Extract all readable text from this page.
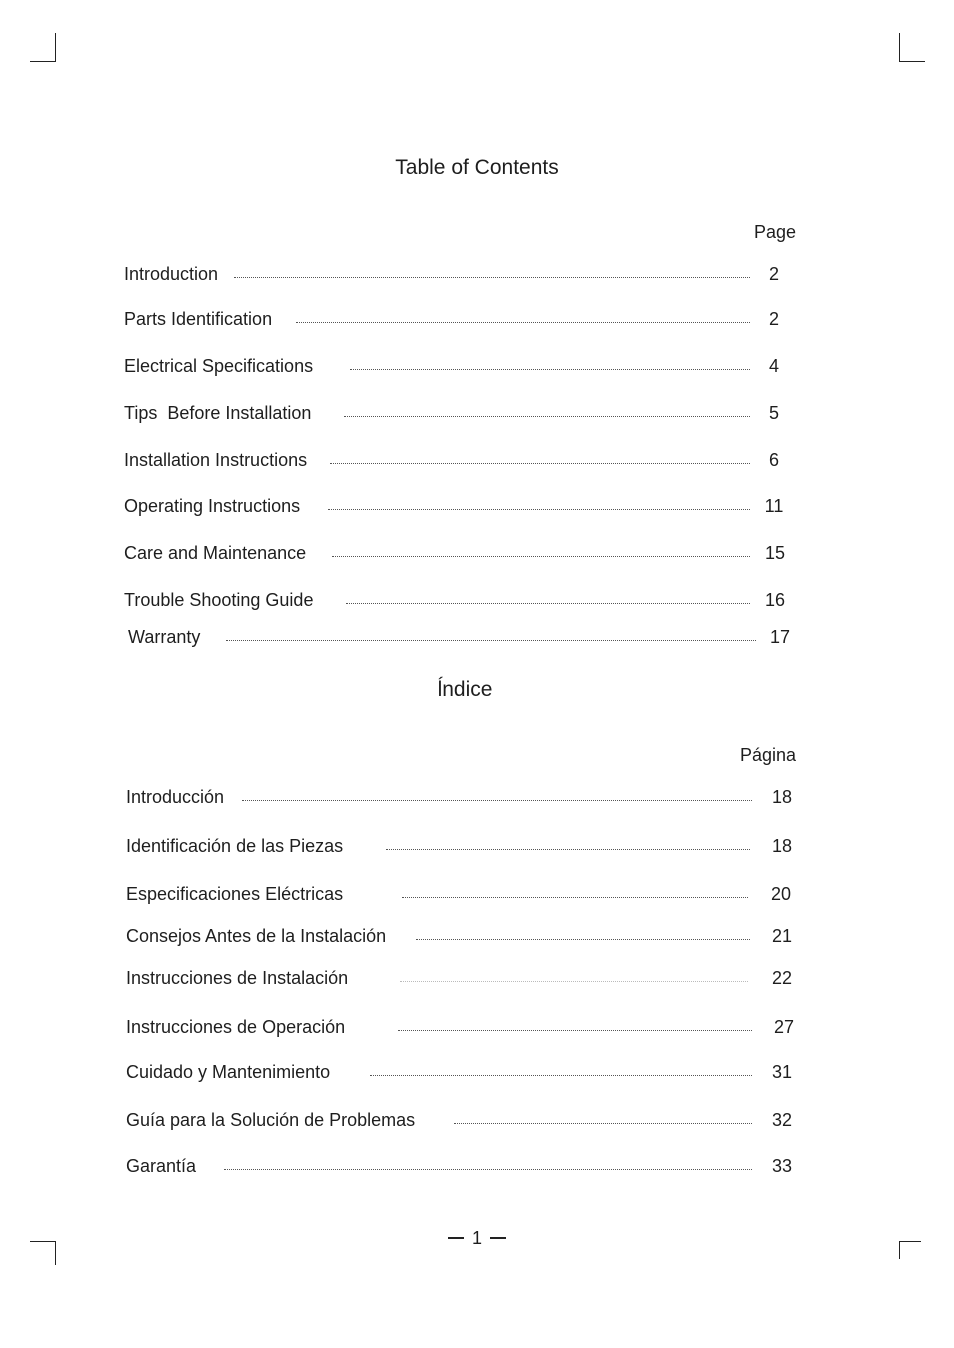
Table of Contents
Page
Introduction	2
Parts Identification	2
Electrical Specifications	4
Tips  Before Installation	5
Installation Instructions	6
Operating Instructions	11
Care and Maintenance	15
Trouble Shooting Guide	16
Warranty	17
ĺndice
Página
Introducción	18
Identificación de las Piezas	18
Especificaciones Eléctricas	20
Consejos Antes de la Instalación	21
Instrucciones de Instalación	22
Instrucciones de Operación	27
Cuidado y Mantenimiento	31
Guía para la Solución de Problemas	32
Garantía	33
1
